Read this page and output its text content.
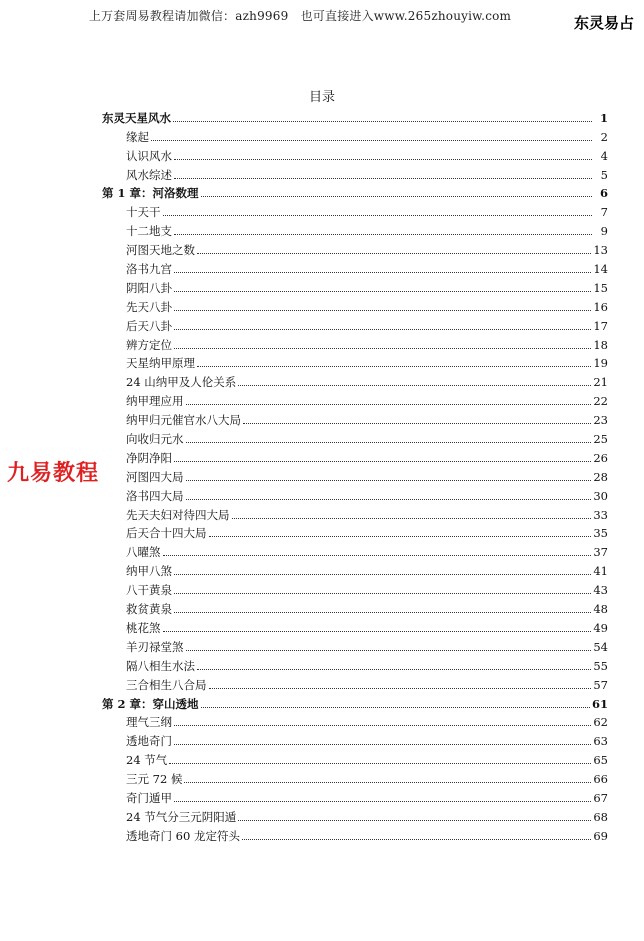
上万套周易教程请加微信：azh9969　也可直接进入www.265zhouyiw.com	东灵易占
九易教程
目录
东灵天星风水	1
缘起	2
认识风水	4
风水综述	5
第 1 章：河洛数理	6
十天干	7
十二地支	9
河图天地之数	13
洛书九宫	14
阴阳八卦	15
先天八卦	16
后天八卦	17
辨方定位	18
天星纳甲原理	19
24 山纳甲及人伦关系	21
纳甲理应用	22
纳甲归元催官水八大局	23
向收归元水	25
净阴净阳	26
河图四大局	28
洛书四大局	30
先天夫妇对待四大局	33
后天合十四大局	35
八曜煞	37
纳甲八煞	41
八干黄泉	43
救贫黄泉	48
桃花煞	49
羊刃禄堂煞	54
隔八相生水法	55
三合相生八合局	57
第 2 章：穿山透地	61
理气三纲	62
透地奇门	63
24 节气	65
三元 72 候	66
奇门遁甲	67
24 节气分三元阴阳遁	68
透地奇门 60 龙定符头	69
